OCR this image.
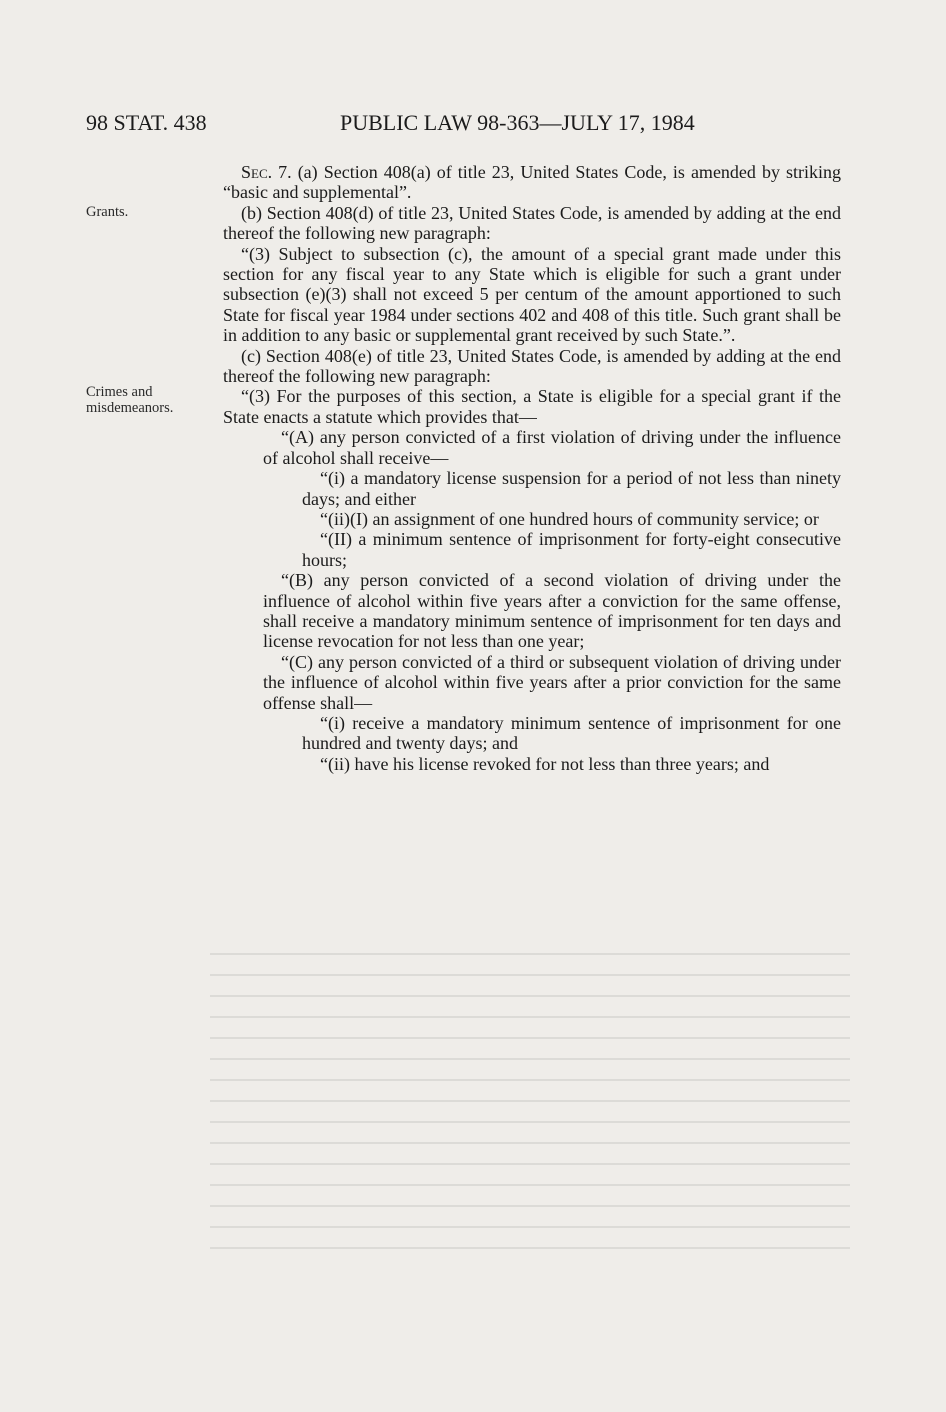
98 STAT. 438	PUBLIC LAW 98-363—JULY 17, 1984
Grants.
Crimes and
misdemeanors.

Sec. 7. (a) Section 408(a) of title 23, United States Code, is amended by striking “basic and supplemental”.

(b) Section 408(d) of title 23, United States Code, is amended by adding at the end thereof the following new paragraph:

“(3) Subject to subsection (c), the amount of a special grant made under this section for any fiscal year to any State which is eligible for such a grant under subsection (e)(3) shall not exceed 5 per centum of the amount apportioned to such State for fiscal year 1984 under sections 402 and 408 of this title. Such grant shall be in addition to any basic or supplemental grant received by such State.”.

(c) Section 408(e) of title 23, United States Code, is amended by adding at the end thereof the following new paragraph:

“(3) For the purposes of this section, a State is eligible for a special grant if the State enacts a statute which provides that—

“(A) any person convicted of a first violation of driving under the influence of alcohol shall receive—

“(i) a mandatory license suspension for a period of not less than ninety days; and either

“(ii)(I) an assignment of one hundred hours of community service; or

“(II) a minimum sentence of imprisonment for forty-eight consecutive hours;

“(B) any person convicted of a second violation of driving under the influence of alcohol within five years after a conviction for the same offense, shall receive a mandatory minimum sentence of imprisonment for ten days and license revocation for not less than one year;

“(C) any person convicted of a third or subsequent violation of driving under the influence of alcohol within five years after a prior conviction for the same offense shall—

“(i) receive a mandatory minimum sentence of imprisonment for one hundred and twenty days; and

“(ii) have his license revoked for not less than three years; and
